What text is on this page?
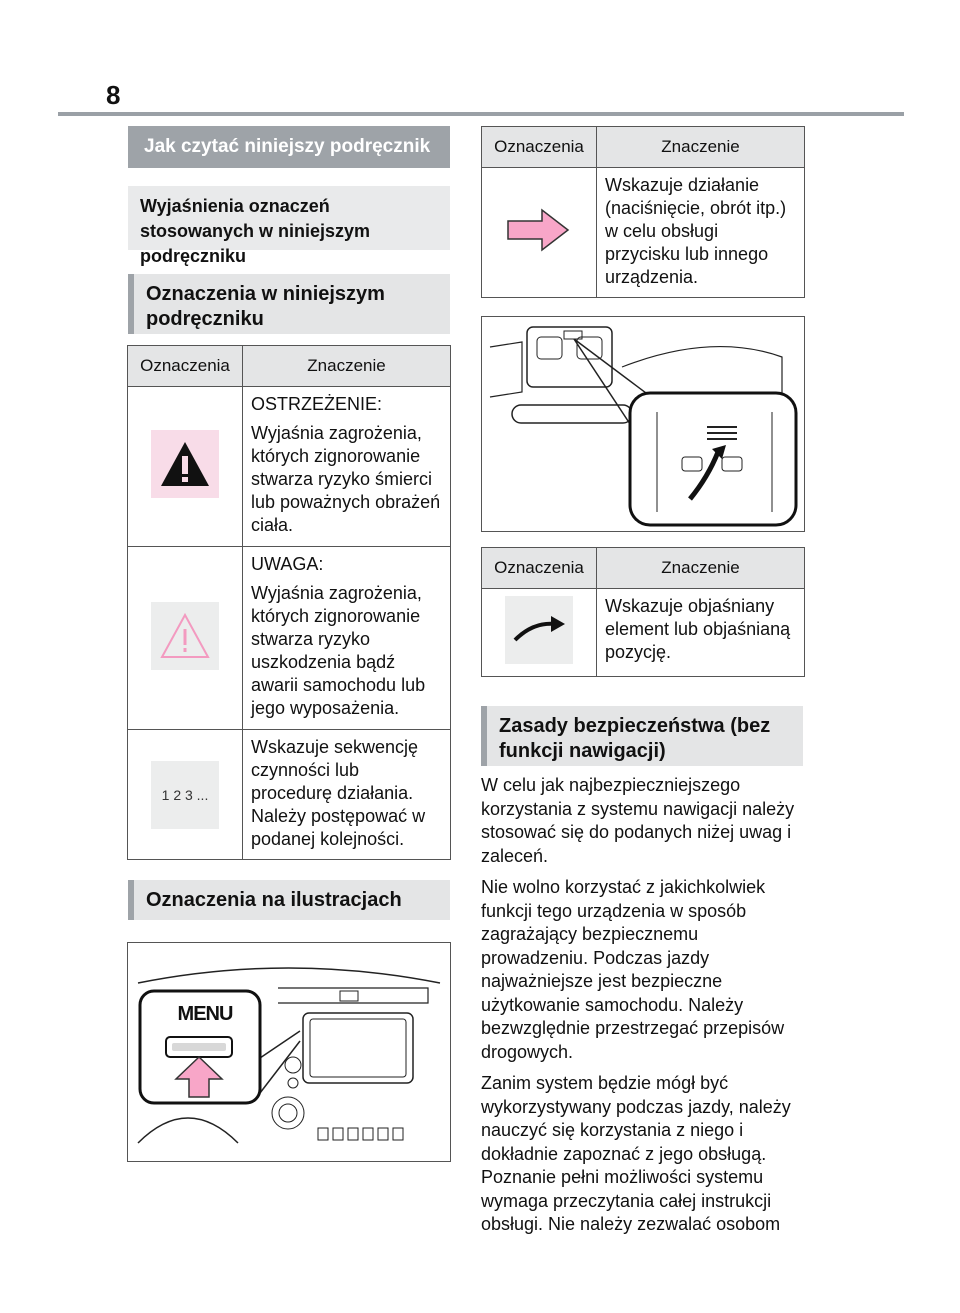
8
Jak czytać niniejszy podręcznik
Wyjaśnienia oznaczeń stosowanych w niniejszym podręczniku
Oznaczenia w niniejszym podręczniku
Oznaczenia	Znaczenie

OSTRZEŻENIE:

Wyjaśnia zagrożenia, których zignorowanie stwarza ryzyko śmierci lub poważnych obrażeń ciała.

UWAGA:

Wyjaśnia zagrożenia, których zignorowanie stwarza ryzyko uszkodzenia bądź awarii samochodu lub jego wyposażenia.

1 2 3 ...	Wskazuje sekwencję czynności lub procedurę działania. Należy postępować w podanej kolejności.

Oznaczenia na ilustracjach
MENU
Oznaczenia	Znaczenie

Wskazuje działanie (naciśnięcie, obrót itp.) w celu obsługi przycisku lub innego urządzenia.

Oznaczenia	Znaczenie

Wskazuje objaśniany element lub objaśnianą pozycję.

Zasady bezpieczeństwa (bez funkcji nawigacji)

W celu jak najbezpieczniejszego korzystania z systemu nawigacji należy stosować się do podanych niżej uwag i zaleceń.

Nie wolno korzystać z jakichkolwiek funkcji tego urządzenia w sposób zagrażający bezpiecznemu prowadzeniu. Podczas jazdy najważniejsze jest bezpieczne użytkowanie samochodu. Należy bezwzględnie przestrzegać przepisów drogowych.

Zanim system będzie mógł być wykorzystywany podczas jazdy, należy nauczyć się korzystania z niego i dokładnie zapoznać z jego obsługą. Poznanie pełni możliwości systemu wymaga przeczytania całej instrukcji obsługi. Nie należy zezwalać osobom
